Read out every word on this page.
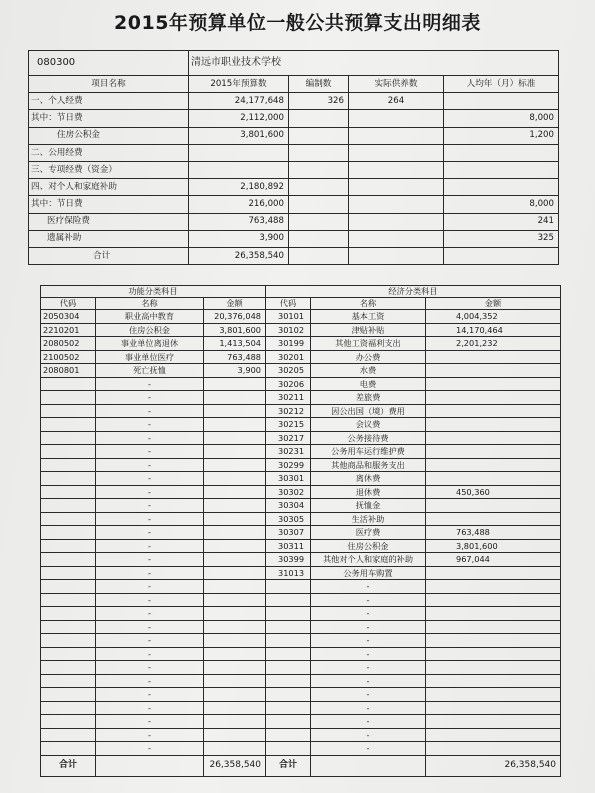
2015年预算单位一般公共预算支出明细表
080300	清远市职业技术学校			
项目名称	2015年预算数	编制数	实际供养数	人均年（月）标准
一、个人经费	24,177,648	326	264	
其中：节日费	2,112,000			8,000
住房公积金	3,801,600			1,200
二、公用经费				
三、专项经费（资金）				
四、对个人和家庭补助	2,180,892			
其中：节日费	216,000			8,000
医疗保险费	763,488			241
遗属补助	3,900			325
合计	26,358,540			
功能分类科目			经济分类科目		
代码	名称	金额	代码	名称	金额
2050304	职业高中教育	20,376,048	30101	基本工资	4,004,352
2210201	住房公积金	3,801,600	30102	津贴补贴	14,170,464
2080502	事业单位离退休	1,413,504	30199	其他工资福利支出	2,201,232
2100502	事业单位医疗	763,488	30201	办公费	
2080801	死亡抚恤	3,900	30205	水费	
	-		30206	电费	
	-		30211	差旅费	
	-		30212	因公出国（境）费用	
	-		30215	会议费	
	-		30217	公务接待费	
	-		30231	公务用车运行维护费	
	-		30299	其他商品和服务支出	
	-		30301	离休费	
	-		30302	退休费	450,360
	-		30304	抚恤金	
	-		30305	生活补助	
	-		30307	医疗费	763,488
	-		30311	住房公积金	3,801,600
	-		30399	其他对个人和家庭的补助	967,044
	-		31013	公务用车购置	
	-			-	
	-			-	
	-			-	
	-			-	
	-			-	
	-			-	
	-			-	
	-			-	
	-			-	
	-			-	
	-			-	
	-			-	
	-			-	
合计		26,358,540	合计		26,358,540
